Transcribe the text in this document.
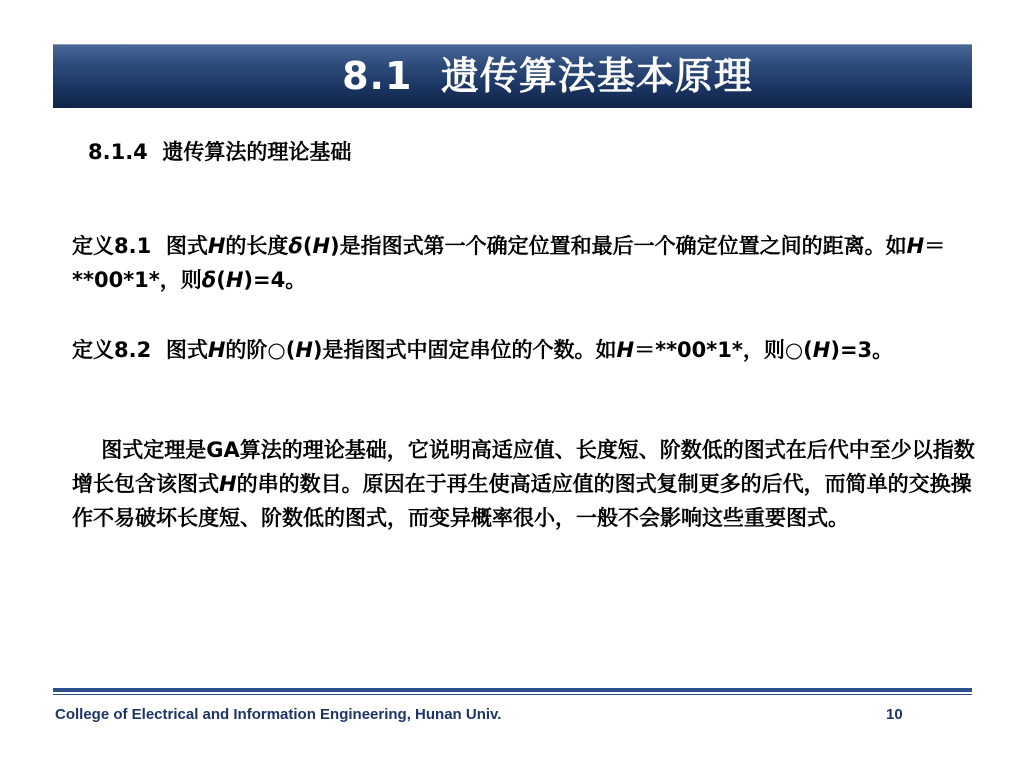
8.1  遗传算法基本原理
8.1.4  遗传算法的理论基础
定义8.1  图式H的长度δ(H)是指图式第一个确定位置和最后一个确定位置之间的距离。如H＝**00*1*，则δ(H)=4。
定义8.2  图式H的阶○(H)是指图式中固定串位的个数。如H＝**00*1*，则○(H)=3。
图式定理是GA算法的理论基础，它说明高适应值、长度短、阶数低的图式在后代中至少以指数增长包含该图式H的串的数目。原因在于再生使高适应值的图式复制更多的后代，而简单的交换操作不易破坏长度短、阶数低的图式，而变异概率很小，一般不会影响这些重要图式。
College of Electrical and Information Engineering, Hunan Univ.	10
